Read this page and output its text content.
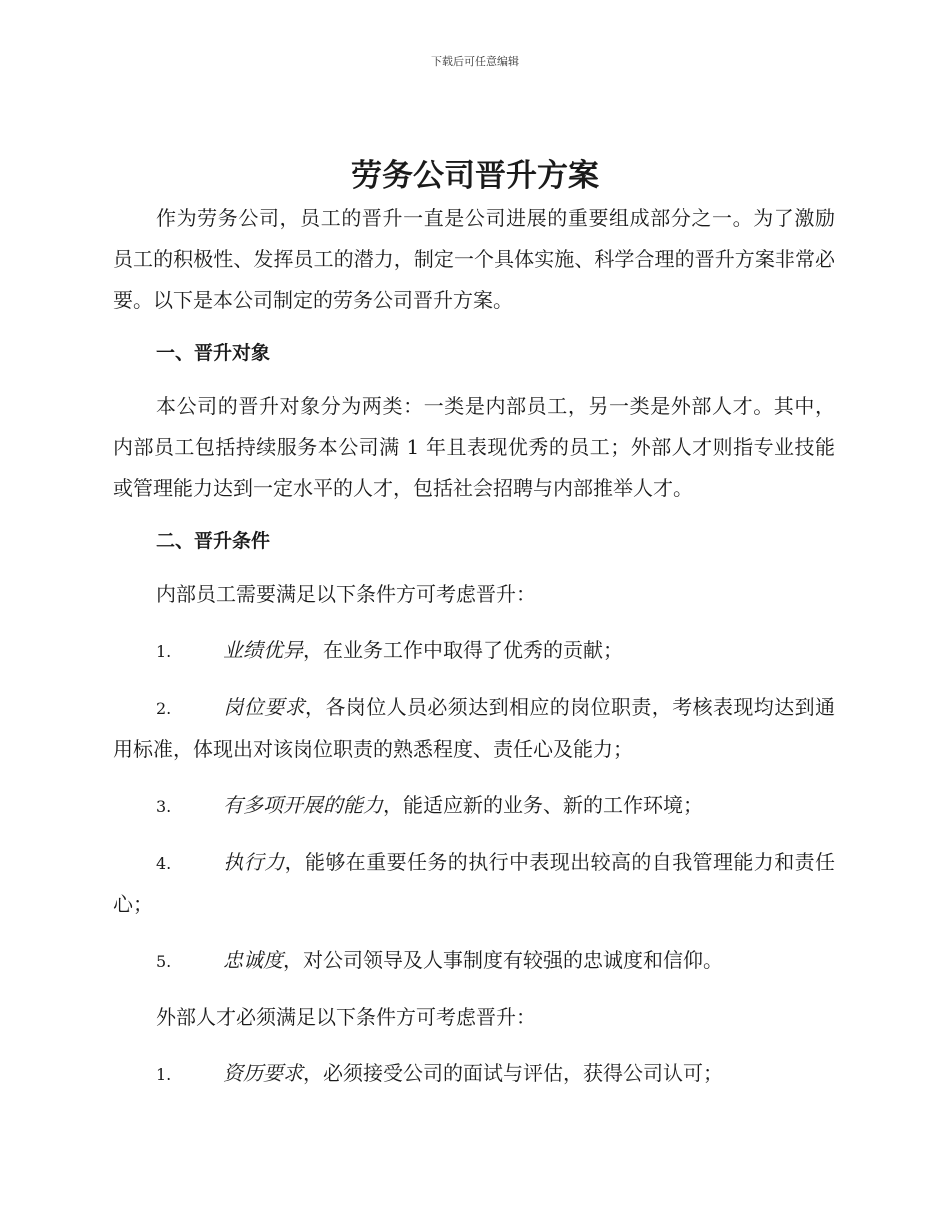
下载后可任意编辑
劳务公司晋升方案

作为劳务公司，员工的晋升一直是公司进展的重要组成部分之一。为了激励员工的积极性、发挥员工的潜力，制定一个具体实施、科学合理的晋升方案非常必要。以下是本公司制定的劳务公司晋升方案。

一、晋升对象

本公司的晋升对象分为两类：一类是内部员工，另一类是外部人才。其中，内部员工包括持续服务本公司满 1 年且表现优秀的员工；外部人才则指专业技能或管理能力达到一定水平的人才，包括社会招聘与内部推举人才。

二、晋升条件

内部员工需要满足以下条件方可考虑晋升：

1.	业绩优异，在业务工作中取得了优秀的贡献；

2.	岗位要求，各岗位人员必须达到相应的岗位职责，考核表现均达到通用标准，体现出对该岗位职责的熟悉程度、责任心及能力；

3.	有多项开展的能力，能适应新的业务、新的工作环境；

4.	执行力，能够在重要任务的执行中表现出较高的自我管理能力和责任心；

5.	忠诚度，对公司领导及人事制度有较强的忠诚度和信仰。

外部人才必须满足以下条件方可考虑晋升：

1.	资历要求，必须接受公司的面试与评估，获得公司认可；
